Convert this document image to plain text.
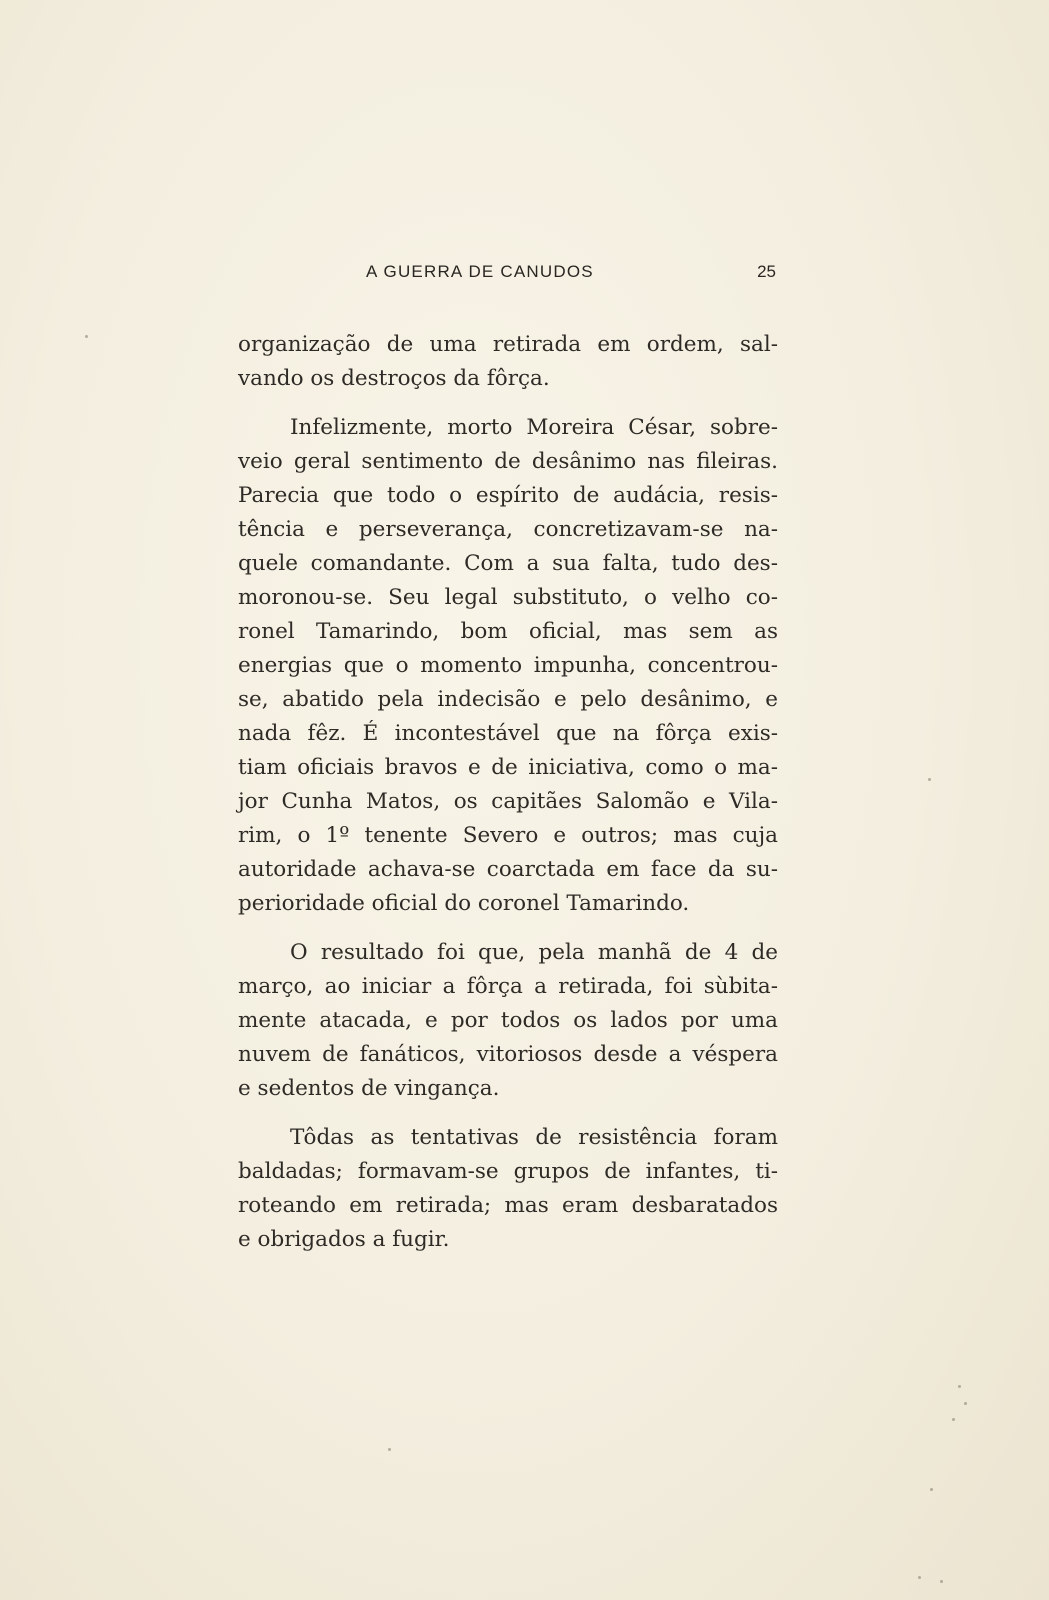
A GUERRA DE CANUDOS	25

organização de uma retirada em ordem, sal-
vando os destroços da fôrça.

Infelizmente, morto Moreira César, sobre-
veio geral sentimento de desânimo nas fileiras.
Parecia que todo o espírito de audácia, resis-
tência e perseverança, concretizavam-se na-
quele comandante. Com a sua falta, tudo des-
moronou-se. Seu legal substituto, o velho co-
ronel Tamarindo, bom oficial, mas sem as
energias que o momento impunha, concentrou-
se, abatido pela indecisão e pelo desânimo, e
nada fêz. É incontestável que na fôrça exis-
tiam oficiais bravos e de iniciativa, como o ma-
jor Cunha Matos, os capitães Salomão e Vila-
rim, o 1º tenente Severo e outros; mas cuja
autoridade achava-se coarctada em face da su-
perioridade oficial do coronel Tamarindo.

O resultado foi que, pela manhã de 4 de
março, ao iniciar a fôrça a retirada, foi sùbita-
mente atacada, e por todos os lados por uma
nuvem de fanáticos, vitoriosos desde a véspera
e sedentos de vingança.

Tôdas as tentativas de resistência foram
baldadas; formavam-se grupos de infantes, ti-
roteando em retirada; mas eram desbaratados
e obrigados a fugir.
